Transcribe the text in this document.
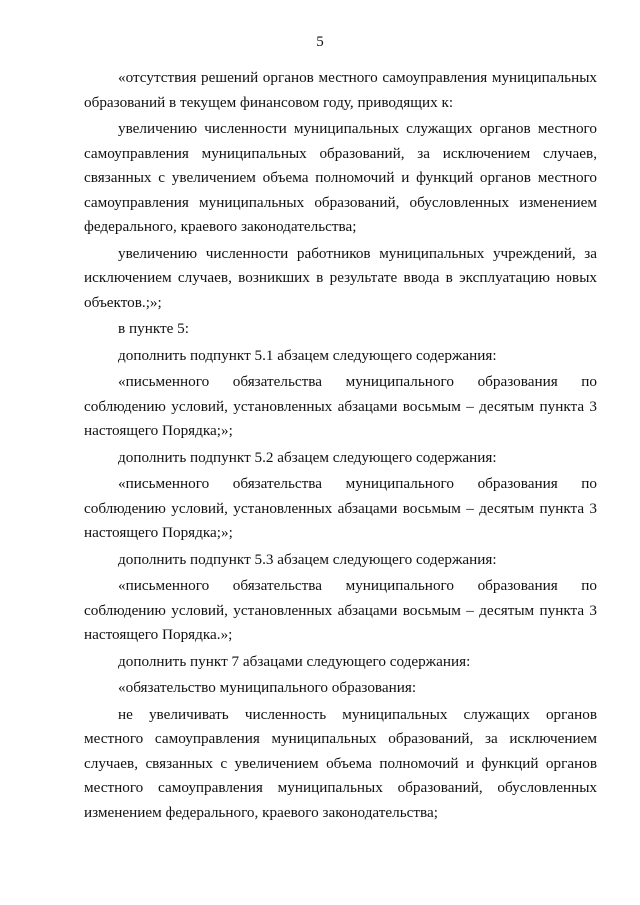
5

«отсутствия решений органов местного самоуправления муниципальных образований в текущем финансовом году, приводящих к:

увеличению численности муниципальных служащих органов местного самоуправления муниципальных образований, за исключением случаев, связанных с увеличением объема полномочий и функций органов местного самоуправления муниципальных образований, обусловленных изменением федерального, краевого законодательства;

увеличению численности работников муниципальных учреждений, за исключением случаев, возникших в результате ввода в эксплуатацию новых объектов.;»;

в пункте 5:

дополнить подпункт 5.1 абзацем следующего содержания:

«письменного обязательства муниципального образования по соблюдению условий, установленных абзацами восьмым – десятым пункта 3 настоящего Порядка;»;

дополнить подпункт 5.2 абзацем следующего содержания:

«письменного обязательства муниципального образования по соблюдению условий, установленных абзацами восьмым – десятым пункта 3 настоящего Порядка;»;

дополнить подпункт 5.3 абзацем следующего содержания:

«письменного обязательства муниципального образования по соблюдению условий, установленных абзацами восьмым – десятым пункта 3 настоящего Порядка.»;

дополнить пункт 7 абзацами следующего содержания:

«обязательство муниципального образования:

не увеличивать численность муниципальных служащих органов местного самоуправления муниципальных образований, за исключением случаев, связанных с увеличением объема полномочий и функций органов местного самоуправления муниципальных образований, обусловленных изменением федерального, краевого законодательства;
